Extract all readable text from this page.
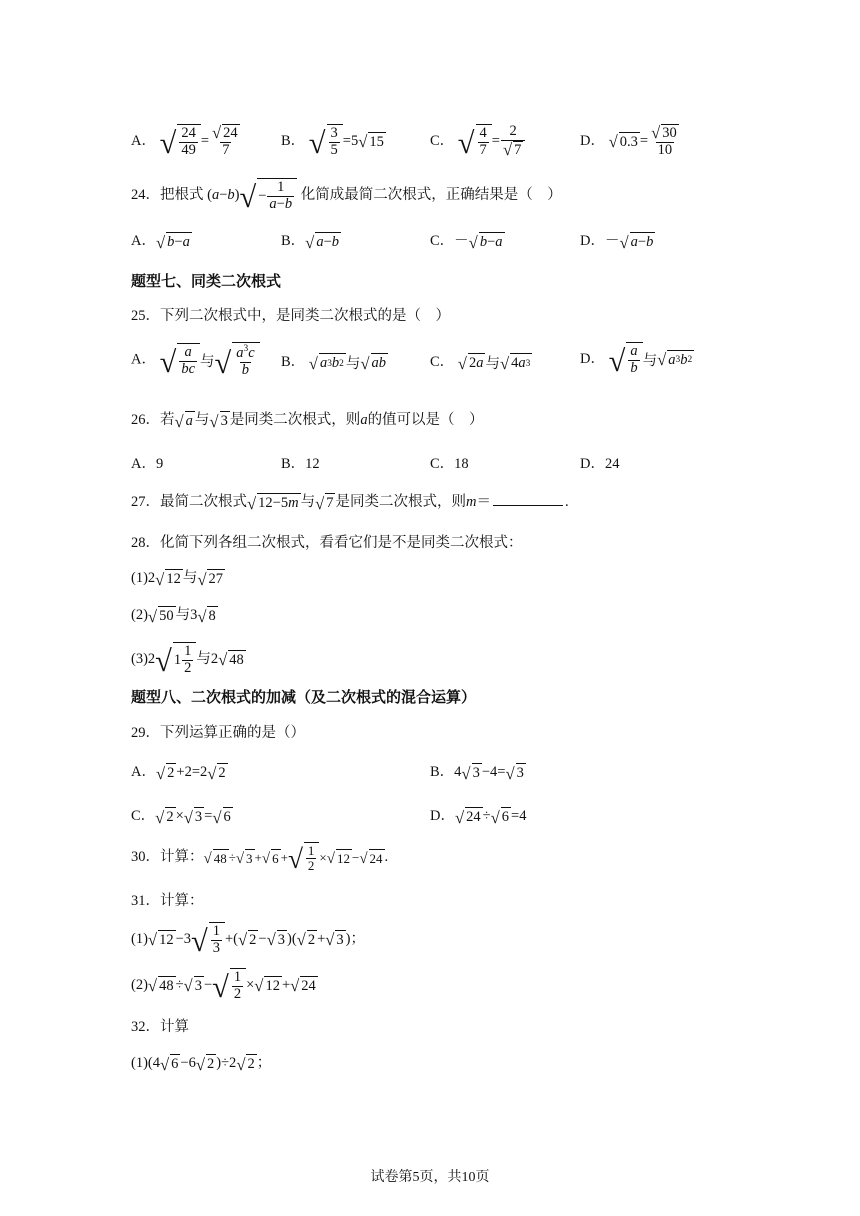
A． √ $\frac{24}{49} = \frac{√ 24}{7}$	B． √ $\frac{3}{5} =5$ √ 15	C． √ $\frac{4}{7} = \frac{2}{√ 7}$	D． √ $0.3 = \frac{√ 30}{10}$
24．把根式 ( a − b ) √ − $\frac{1}{a-b}$ 化简成最简二次根式，正确结果是（　）
A． √ b − a	B． √ a − b	C．－ √ b − a	D．－ √ a − b
题型七、同类二次根式
25．下列二次根式中，是同类二次根式的是（　）
A． √ $\frac{a}{bc}$ 与 √ $\frac{a^3c}{b}$ B． √ a 3 b 2 与 √ ab	C． √ 2 a 与 √ 4 a 3	D． √ $\frac{a}{b}$ 与 √ a 3 b 2
26．若 √ a 与 √ 3 是同类二次根式，则a的值可以是（　）
A．9	B．12	C．18	D．24
27．最简二次根式 √ 12−5 m 与 √ 7 是同类二次根式，则m＝	.
28．化简下列各组二次根式，看看它们是不是同类二次根式：
(1)2 √ 12 与 √ 27
(2) √ 50 与3 √ 8
(3)2 √ $1 \frac{1}{2}$ 与2 √ 48
题型八、二次根式的加减（及二次根式的混合运算）
29．下列运算正确的是（）
A． √ 2 +2=2 √ 2	B．4 √ 3 −4= √ 3
C． √ 2 × √ 3 = √ 6	D． √ 24 ÷ √ 6 =4
30．计算： √ 48 ÷ √ 3 + √ 6 + √ $\frac{1}{2}$ × √ 12 − √ 24 .
31．计算：
(1) √ 12 −3 √ $\frac{1}{3}$ +( √ 2 − √ 3 )( √ 2 + √ 3 )；
(2) √ 48 ÷ √ 3 − √ $\frac{1}{2}$ × √ 12 + √ 24
32．计算
(1)(4 √ 6 −6 √ 2 )÷2 √ 2 ；
试卷第5页，共10页
